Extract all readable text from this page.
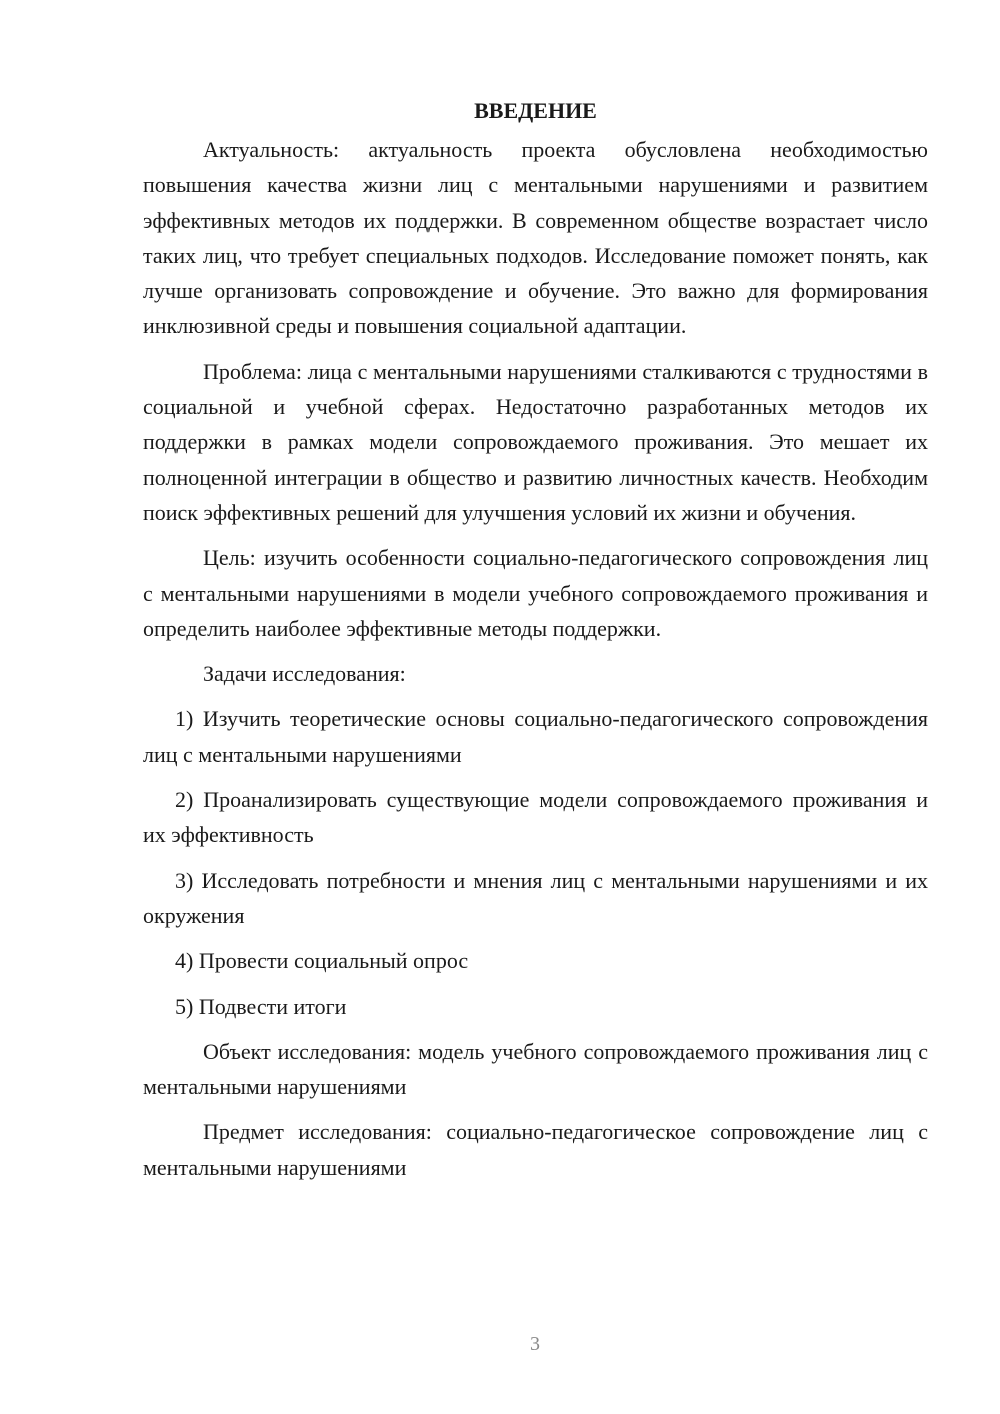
ВВЕДЕНИЕ

Актуальность: актуальность проекта обусловлена необходимостью повышения качества жизни лиц с ментальными нарушениями и развитием эффективных методов их поддержки. В современном обществе возрастает число таких лиц, что требует специальных подходов. Исследование поможет понять, как лучше организовать сопровождение и обучение. Это важно для формирования инклюзивной среды и повышения социальной адаптации.

Проблема: лица с ментальными нарушениями сталкиваются с трудностями в социальной и учебной сферах. Недостаточно разработанных методов их поддержки в рамках модели сопровождаемого проживания. Это мешает их полноценной интеграции в общество и развитию личностных качеств. Необходим поиск эффективных решений для улучшения условий их жизни и обучения.

Цель: изучить особенности социально-педагогического сопровождения лиц с ментальными нарушениями в модели учебного сопровождаемого проживания и определить наиболее эффективные методы поддержки.

Задачи исследования:

1) Изучить теоретические основы социально-педагогического сопровождения лиц с ментальными нарушениями

2) Проанализировать существующие модели сопровождаемого проживания и их эффективность

3) Исследовать потребности и мнения лиц с ментальными нарушениями и их окружения

4) Провести социальный опрос
5) Подвести итоги

Объект исследования: модель учебного сопровождаемого проживания лиц с ментальными нарушениями

Предмет исследования: социально-педагогическое сопровождение лиц с ментальными нарушениями

3
